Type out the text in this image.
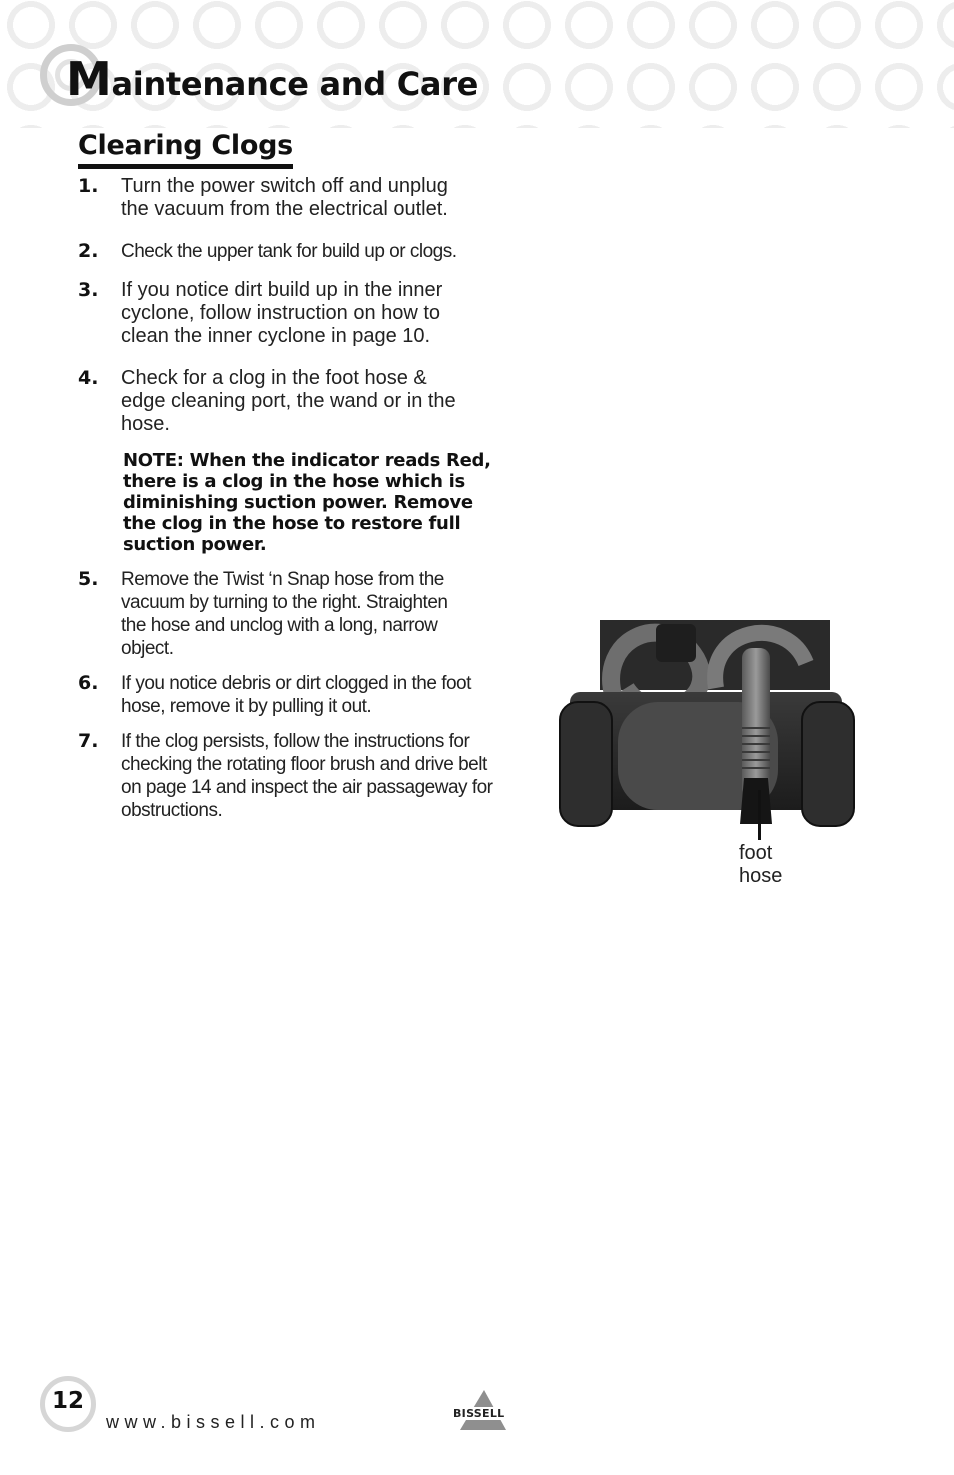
Maintenance and Care
Clearing Clogs
1. Turn the power switch off and unplug the vacuum from the electrical outlet.
2. Check the upper tank for build up or clogs.
3. If you notice dirt build up in the inner cyclone, follow instruction on how to clean the inner cyclone in page 10.
4. Check for a clog in the foot hose & edge cleaning port, the wand or in the hose.
NOTE: When the indicator reads Red, there is a clog in the hose which is diminishing suction power. Remove the clog in the hose to restore full suction power.
5. Remove the Twist ‘n Snap hose from the vacuum by turning to the right. Straighten the hose and unclog with a long, narrow object.
6. If you notice debris or dirt clogged in the foot hose, remove it by pulling it out.
7. If the clog persists, follow the instructions for checking the rotating floor brush and drive belt on page 14 and inspect the air passageway for obstructions.
foot
hose
12
www.bissell.com	BISSELL
